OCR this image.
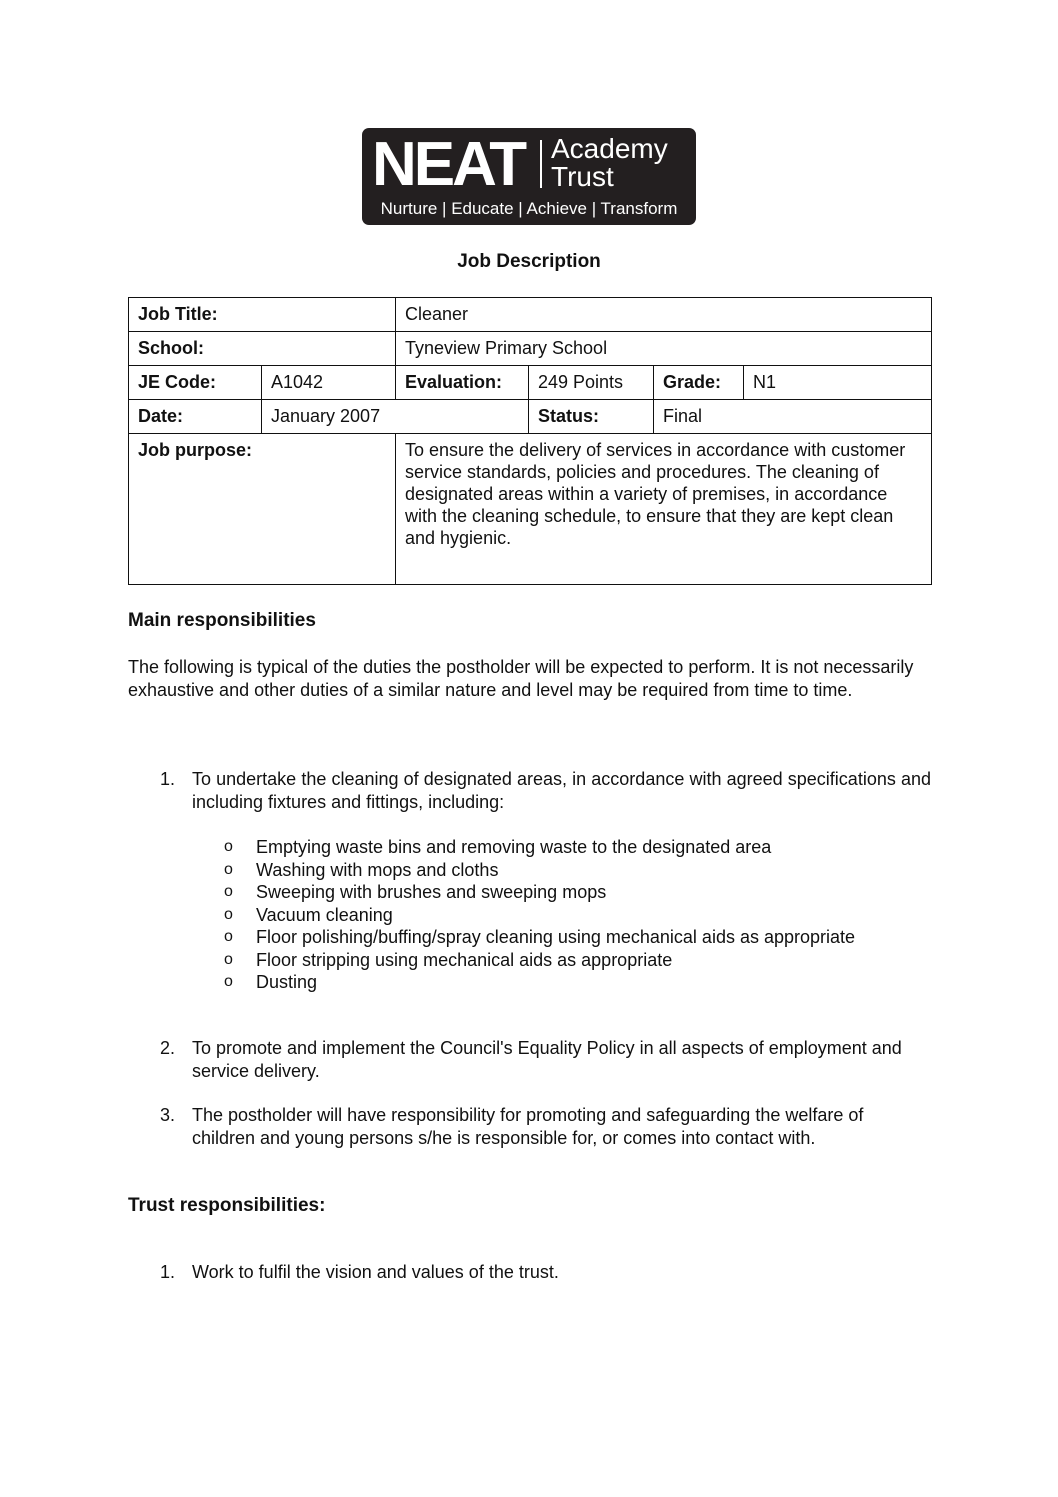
NEAT Academy
Trust
Nurture | Educate | Achieve | Transform
Job Description
Job Title:		Cleaner			
School:		Tyneview Primary School			
JE Code:	A1042	Evaluation:	249 Points	Grade:	N1
Date:	January 2007		Status:	Final	
Job purpose:		To ensure the delivery of services in accordance with customer service standards, policies and procedures. The cleaning of designated areas within a variety of premises, in accordance with the cleaning schedule, to ensure that they are kept clean and hygienic.			
Main responsibilities
The following is typical of the duties the postholder will be expected to perform. It is not necessarily exhaustive and other duties of a similar nature and level may be required from time to time.
1. To undertake the cleaning of designated areas, in accordance with agreed specifications and including fixtures and fittings, including:
o Emptying waste bins and removing waste to the designated area
o Washing with mops and cloths
o Sweeping with brushes and sweeping mops
o Vacuum cleaning
o Floor polishing/buffing/spray cleaning using mechanical aids as appropriate
o Floor stripping using mechanical aids as appropriate
o Dusting
2. To promote and implement the Council's Equality Policy in all aspects of employment and service delivery.
3. The postholder will have responsibility for promoting and safeguarding the welfare of children and young persons s/he is responsible for, or comes into contact with.
Trust responsibilities:
1. Work to fulfil the vision and values of the trust.
